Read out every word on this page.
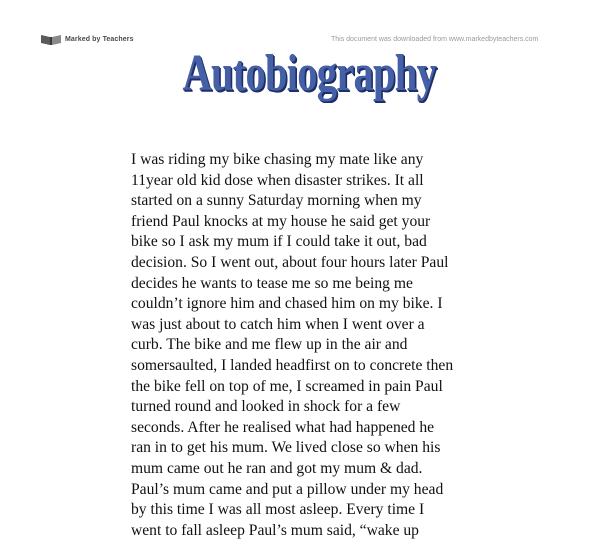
Marked by Teachers	This document was downloaded from www.markedbyteachers.com
Autobiography
I was riding my bike chasing my mate like any
11year old kid dose when disaster strikes. It all
started on a sunny Saturday morning when my
friend Paul knocks at my house he said get your
bike so I ask my mum if I could take it out, bad
decision. So I went out, about four hours later Paul
decides he wants to tease me so me being me
couldn’t ignore him and chased him on my bike. I
was just about to catch him when I went over a
curb. The bike and me flew up in the air and
somersaulted, I landed headfirst on to concrete then
the bike fell on top of me, I screamed in pain Paul
turned round and looked in shock for a few
seconds. After he realised what had happened he
ran in to get his mum. We lived close so when his
mum came out he ran and got my mum & dad.
Paul’s mum came and put a pillow under my head
by this time I was all most asleep. Every time I
went to fall asleep Paul’s mum said, “wake up
